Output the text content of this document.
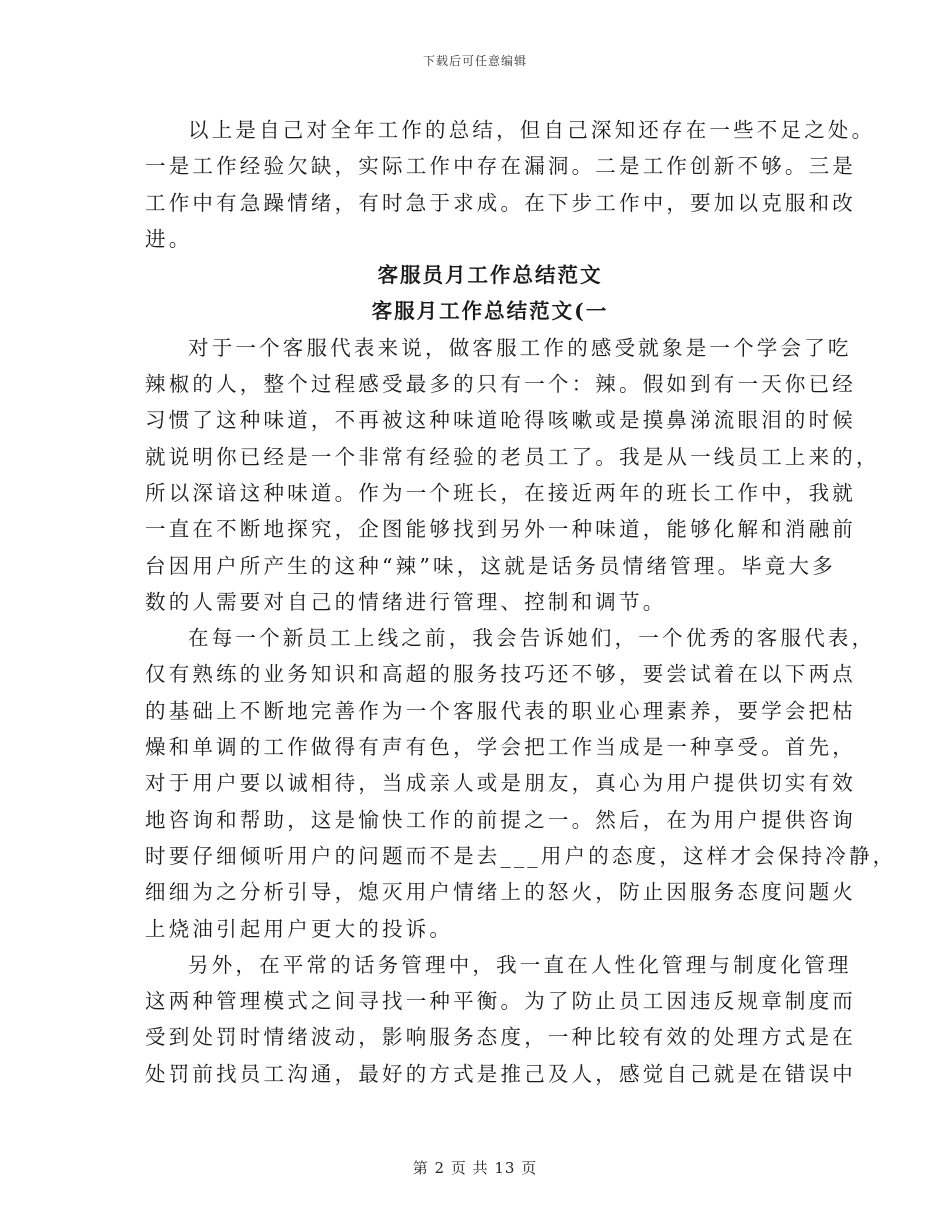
下载后可任意编辑
以上是自己对全年工作的总结，但自己深知还存在一些不足之处。
一是工作经验欠缺，实际工作中存在漏洞。二是工作创新不够。三是
工作中有急躁情绪，有时急于求成。在下步工作中，要加以克服和改
进。
客服员月工作总结范文
客服月工作总结范文(一
对于一个客服代表来说，做客服工作的感受就象是一个学会了吃
辣椒的人，整个过程感受最多的只有一个：辣。假如到有一天你已经
习惯了这种味道，不再被这种味道呛得咳嗽或是摸鼻涕流眼泪的时候
就说明你已经是一个非常有经验的老员工了。我是从一线员工上来的，
所以深谙这种味道。作为一个班长，在接近两年的班长工作中，我就
一直在不断地探究，企图能够找到另外一种味道，能够化解和消融前
台因用户所产生的这种“辣”味，这就是话务员情绪管理。毕竟大多
数的人需要对自己的情绪进行管理、控制和调节。
在每一个新员工上线之前，我会告诉她们，一个优秀的客服代表，
仅有熟练的业务知识和高超的服务技巧还不够，要尝试着在以下两点
的基础上不断地完善作为一个客服代表的职业心理素养，要学会把枯
燥和单调的工作做得有声有色，学会把工作当成是一种享受。首先，
对于用户要以诚相待，当成亲人或是朋友，真心为用户提供切实有效
地咨询和帮助，这是愉快工作的前提之一。然后，在为用户提供咨询
时要仔细倾听用户的问题而不是去___用户的态度，这样才会保持冷静，
细细为之分析引导，熄灭用户情绪上的怒火，防止因服务态度问题火
上烧油引起用户更大的投诉。
另外，在平常的话务管理中，我一直在人性化管理与制度化管理
这两种管理模式之间寻找一种平衡。为了防止员工因违反规章制度而
受到处罚时情绪波动，影响服务态度，一种比较有效的处理方式是在
处罚前找员工沟通，最好的方式是推己及人，感觉自己就是在错误中
第 2 页 共 13 页
